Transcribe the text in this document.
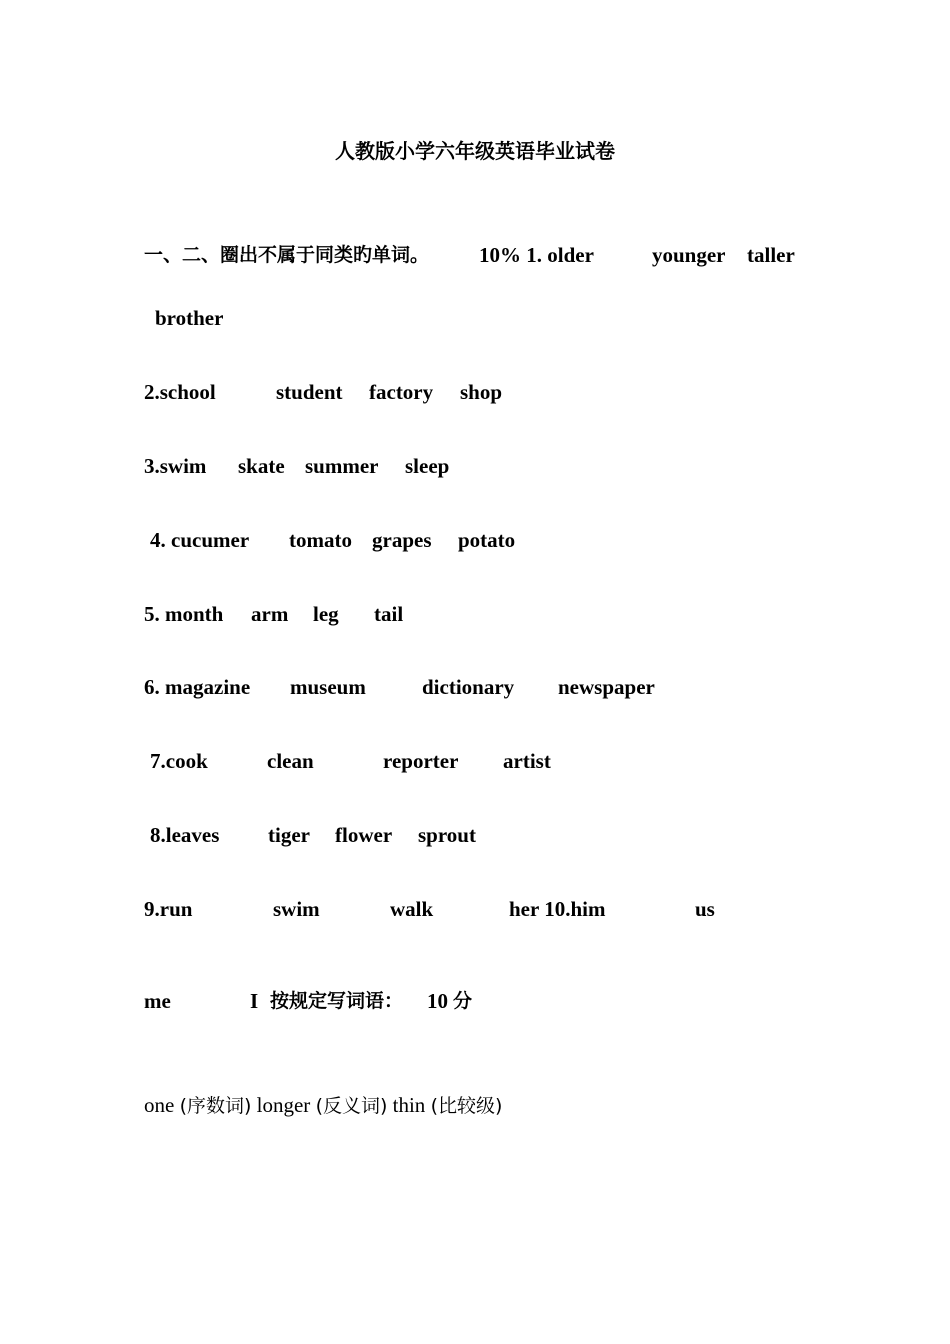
人教版小学六年级英语毕业试卷

一、二、圈出不属于同类旳单词。

10% 1. older

	younger

taller

brother

2.school

	student

factory

shop

3.swim

skate

summer

sleep

4. cucumer

tomato

grapes

potato

5. month

arm

leg

tail

6. magazine

museum

	dictionary

newspaper

7.cook

	clean

	reporter

artist

8.leaves

tiger

flower

sprout

9.run

	swim

	walk

	her 10.him

	us

me

	I

按规定写词语：

10

分

one (序数词) longer (反义词) thin (比较级)
